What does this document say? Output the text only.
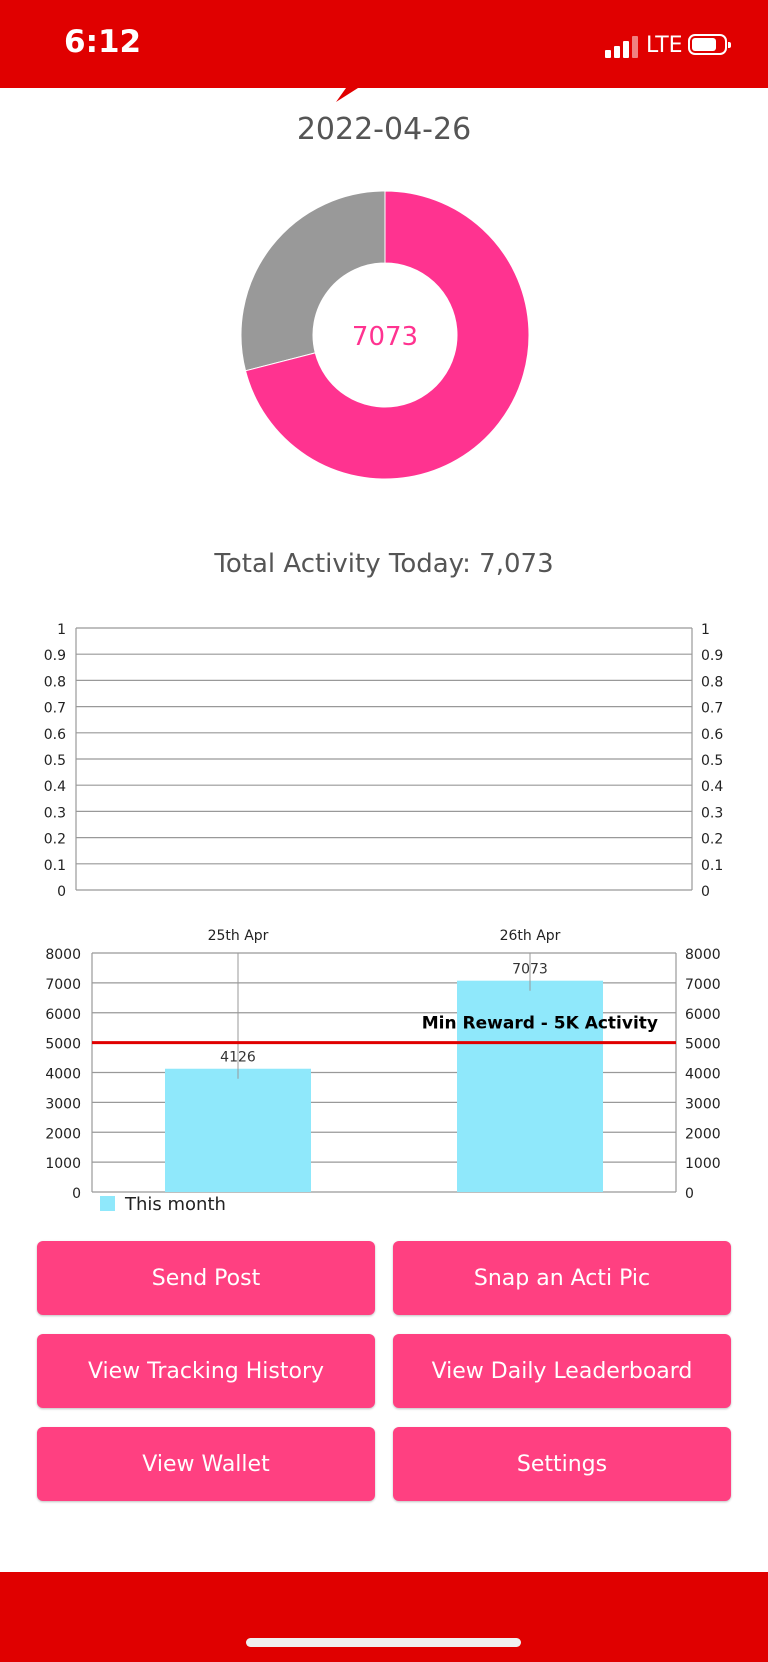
6:12	LTE
2022-04-26
7073
Total Activity Today: 7,073
0	0
0.1	0.1
0.2	0.2
0.3	0.3
0.4	0.4
0.5	0.5
0.6	0.6
0.7	0.7
0.8	0.8
0.9	0.9
1	1
0	0
1000	1000
2000	2000
3000	3000
4000	4000
5000	5000
6000	6000
7000	7000
8000	8000
25th Apr
4126
26th Apr
7073
Min Reward - 5K Activity
This month
Send Post	Snap an Acti Pic
View Tracking History	View Daily Leaderboard
View Wallet	Settings
